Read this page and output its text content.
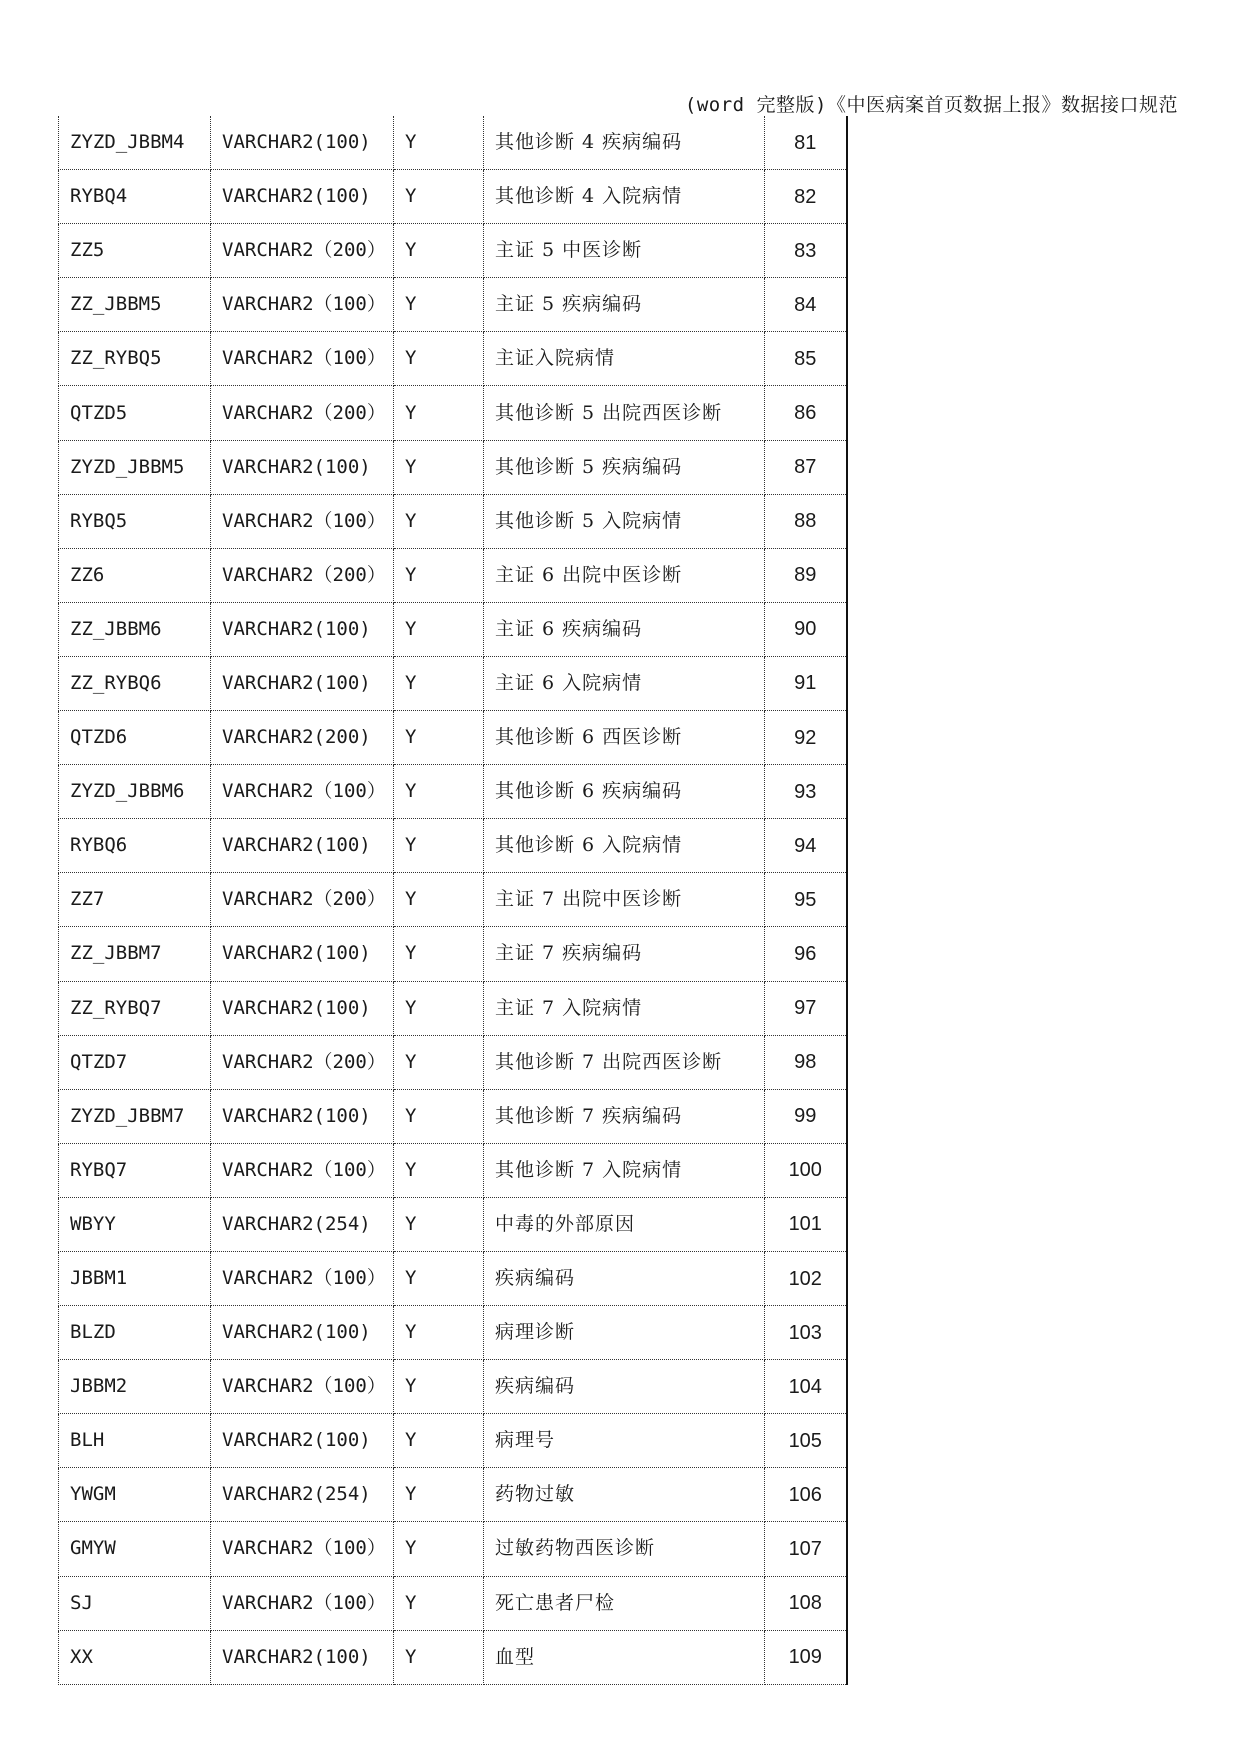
(word 完整版)《中医病案首页数据上报》数据接口规范
ZYZD_JBBM4	VARCHAR2(100)	Y	其他诊断 4 疾病编码	81
RYBQ4	VARCHAR2(100)	Y	其他诊断 4 入院病情	82
ZZ5	VARCHAR2（200）	Y	主证 5 中医诊断	83
ZZ_JBBM5	VARCHAR2（100）	Y	主证 5 疾病编码	84
ZZ_RYBQ5	VARCHAR2（100）	Y	主证入院病情	85
QTZD5	VARCHAR2（200）	Y	其他诊断 5 出院西医诊断	86
ZYZD_JBBM5	VARCHAR2(100)	Y	其他诊断 5 疾病编码	87
RYBQ5	VARCHAR2（100）	Y	其他诊断 5 入院病情	88
ZZ6	VARCHAR2（200）	Y	主证 6 出院中医诊断	89
ZZ_JBBM6	VARCHAR2(100)	Y	主证 6 疾病编码	90
ZZ_RYBQ6	VARCHAR2(100)	Y	主证 6 入院病情	91
QTZD6	VARCHAR2(200)	Y	其他诊断 6 西医诊断	92
ZYZD_JBBM6	VARCHAR2（100）	Y	其他诊断 6 疾病编码	93
RYBQ6	VARCHAR2(100)	Y	其他诊断 6 入院病情	94
ZZ7	VARCHAR2（200）	Y	主证 7 出院中医诊断	95
ZZ_JBBM7	VARCHAR2(100)	Y	主证 7 疾病编码	96
ZZ_RYBQ7	VARCHAR2(100)	Y	主证 7 入院病情	97
QTZD7	VARCHAR2（200）	Y	其他诊断 7 出院西医诊断	98
ZYZD_JBBM7	VARCHAR2(100)	Y	其他诊断 7 疾病编码	99
RYBQ7	VARCHAR2（100）	Y	其他诊断 7 入院病情	100
WBYY	VARCHAR2(254)	Y	中毒的外部原因	101
JBBM1	VARCHAR2（100）	Y	疾病编码	102
BLZD	VARCHAR2(100)	Y	病理诊断	103
JBBM2	VARCHAR2（100）	Y	疾病编码	104
BLH	VARCHAR2(100)	Y	病理号	105
YWGM	VARCHAR2(254)	Y	药物过敏	106
GMYW	VARCHAR2（100）	Y	过敏药物西医诊断	107
SJ	VARCHAR2（100）	Y	死亡患者尸检	108
XX	VARCHAR2(100)	Y	血型	109
